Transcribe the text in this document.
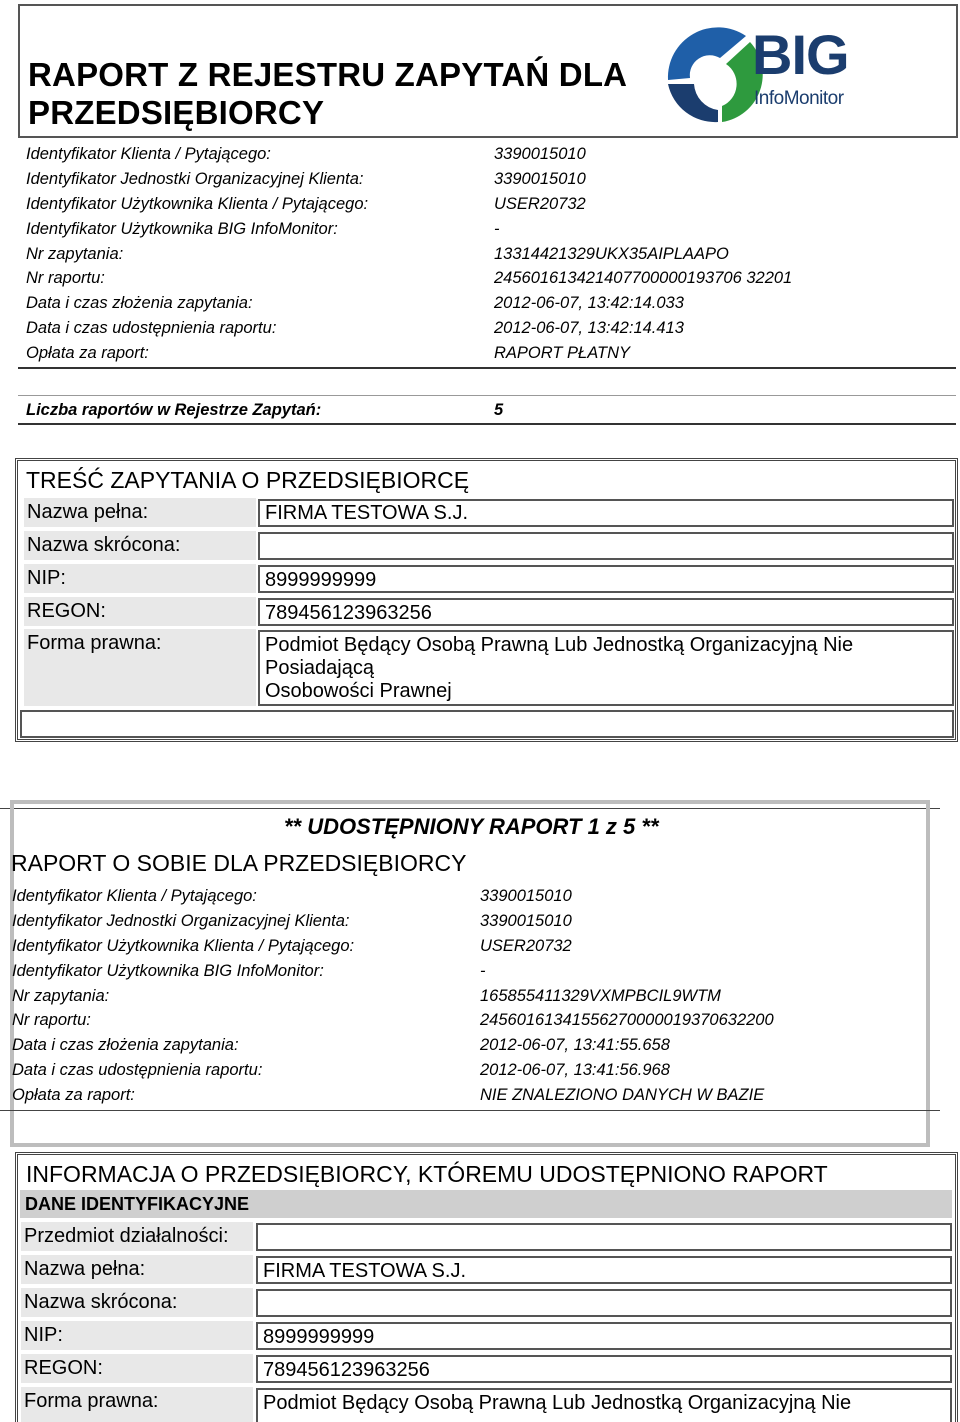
RAPORT Z REJESTRU ZAPYTAŃ DLA
PRZEDSIĘBIORCY
BIG
InfoMonitor
Identyfikator Klienta / Pytającego:	3390015010
Identyfikator Jednostki Organizacyjnej Klienta:	3390015010
Identyfikator Użytkownika Klienta / Pytającego:	USER20732
Identyfikator Użytkownika BIG InfoMonitor:	-
Nr zapytania:	13314421329UKX35AIPLAAPO
Nr raportu:	245601613421407700000193706 32201
Data i czas złożenia zapytania:	2012-06-07, 13:42:14.033
Data i czas udostępnienia raportu:	2012-06-07, 13:42:14.413
Opłata za raport:	RAPORT PŁATNY
Liczba raportów w Rejestrze Zapytań:	5
TREŚĆ ZAPYTANIA O PRZEDSIĘBIORCĘ
Nazwa pełna:	FIRMA TESTOWA S.J.
Nazwa skrócona:
NIP:	8999999999
REGON:	789456123963256
Forma prawna:	Podmiot Będący Osobą Prawną Lub Jednostką Organizacyjną Nie
Posiadającą
Osobowości Prawnej
** UDOSTĘPNIONY RAPORT 1 z 5 **
RAPORT O SOBIE DLA PRZEDSIĘBIORCY
Identyfikator Klienta / Pytającego:	3390015010
Identyfikator Jednostki Organizacyjnej Klienta:	3390015010
Identyfikator Użytkownika Klienta / Pytającego:	USER20732
Identyfikator Użytkownika BIG InfoMonitor:	-
Nr zapytania:	165855411329VXMPBCIL9WTM
Nr raportu:	24560161341556270000019370632200
Data i czas złożenia zapytania:	2012-06-07, 13:41:55.658
Data i czas udostępnienia raportu:	2012-06-07, 13:41:56.968
Opłata za raport:	NIE ZNALEZIONO DANYCH W BAZIE
INFORMACJA O PRZEDSIĘBIORCY, KTÓREMU UDOSTĘPNIONO RAPORT
DANE IDENTYFIKACYJNE
Przedmiot działalności:
Nazwa pełna:	FIRMA TESTOWA S.J.
Nazwa skrócona:
NIP:	8999999999
REGON:	789456123963256
Forma prawna:	Podmiot Będący Osobą Prawną Lub Jednostką Organizacyjną Nie
